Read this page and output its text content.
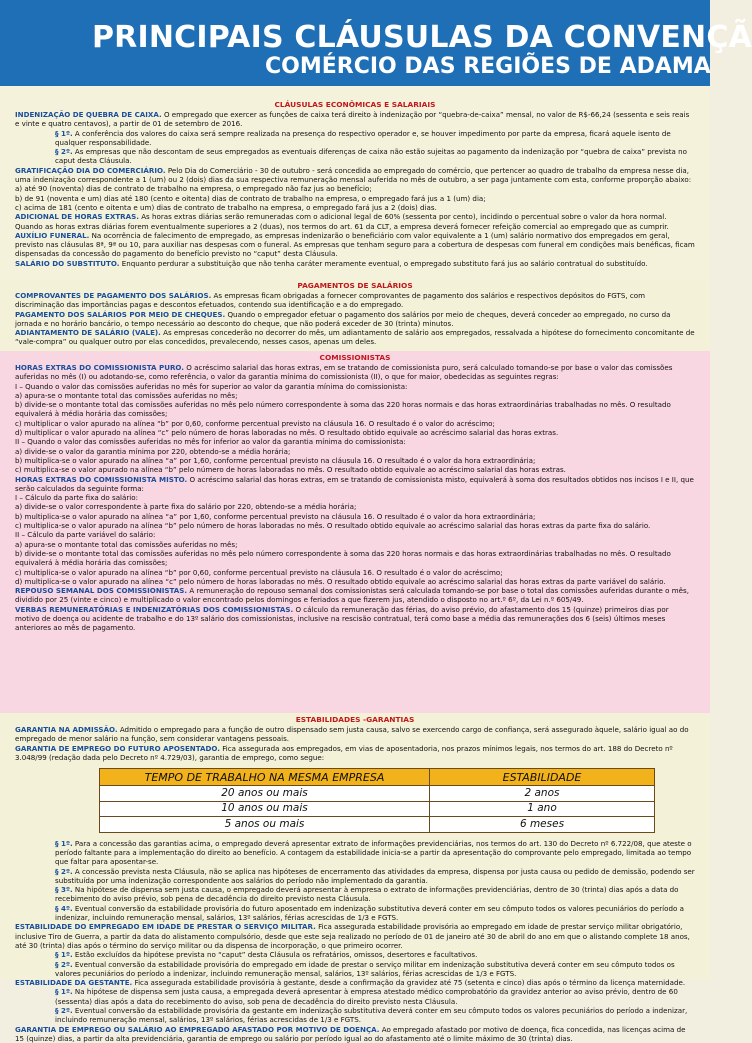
PRINCIPAIS CLÁUSULAS DA CONVENÇÃ
COMÉRCIO DAS REGIÕES DE ADAMA
CLÁUSULAS ECONÔMICAS E SALARIAIS

INDENIZAÇÃO DE QUEBRA DE CAIXA. O empregado que exercer as funções de caixa terá direito à indenização por “quebra-de-caixa” mensal, no valor de R$-66,24 (sessenta e seis reais e vinte e quatro centavos), a partir de 01 de setembro de 2016.

§ 1º. A conferência dos valores do caixa será sempre realizada na presença do respectivo operador e, se houver impedimento por parte da empresa, ficará aquele isento de qualquer responsabilidade.

§ 2º. As empresas que não descontam de seus empregados as eventuais diferenças de caixa não estão sujeitas ao pagamento da indenização por “quebra de caixa” prevista no caput desta Cláusula.

GRATIFICAÇÃO DIA DO COMERCIÁRIO. Pelo Dia do Comerciário - 30 de outubro - será concedida ao empregado do comércio, que pertencer ao quadro de trabalho da empresa nesse dia, uma indenização correspondente a 1 (um) ou 2 (dois) dias da sua respectiva remuneração mensal auferida no mês de outubro, a ser paga juntamente com esta, conforme proporção abaixo:

a) até 90 (noventa) dias de contrato de trabalho na empresa, o empregado não faz jus ao benefício;

b) de 91 (noventa e um) dias até 180 (cento e oitenta) dias de contrato de trabalho na empresa, o empregado fará jus a 1 (um) dia;

c) acima de 181 (cento e oitenta e um) dias de contrato de trabalho na empresa, o empregado fará jus a 2 (dois) dias.

ADICIONAL DE HORAS EXTRAS. As horas extras diárias serão remuneradas com o adicional legal de 60% (sessenta por cento), incidindo o percentual sobre o valor da hora normal. Quando as horas extras diárias forem eventualmente superiores a 2 (duas), nos termos do art. 61 da CLT, a empresa deverá fornecer refeição comercial ao empregado que as cumprir.

AUXÍLIO FUNERAL. Na ocorrência de falecimento de empregado, as empresas indenizarão o beneficiário com valor equivalente a 1 (um) salário normativo dos empregados em geral, previsto nas cláusulas 8ª, 9ª ou 10, para auxiliar nas despesas com o funeral. As empresas que tenham seguro para a cobertura de despesas com funeral em condições mais benéficas, ficam dispensadas da concessão do pagamento do benefício previsto no “caput” desta Cláusula.

SALÁRIO DO SUBSTITUTO. Enquanto perdurar a substituição que não tenha caráter meramente eventual, o empregado substituto fará jus ao salário contratual do substituído.

PAGAMENTOS DE SALÁRIOS

COMPROVANTES DE PAGAMENTO DOS SALÁRIOS. As empresas ficam obrigadas a fornecer comprovantes de pagamento dos salários e respectivos depósitos do FGTS, com discriminação das importâncias pagas e descontos efetuados, contendo sua identificação e a do empregado.

PAGAMENTO DOS SALÁRIOS POR MEIO DE CHEQUES. Quando o empregador efetuar o pagamento dos salários por meio de cheques, deverá conceder ao empregado, no curso da jornada e no horário bancário, o tempo necessário ao desconto do cheque, que não poderá exceder de 30 (trinta) minutos.

ADIANTAMENTO DE SALÁRIO (VALE). As empresas concederão no decorrer do mês, um adiantamento de salário aos empregados, ressalvada a hipótese do fornecimento concomitante de “vale-compra” ou qualquer outro por elas concedidos, prevalecendo, nesses casos, apenas um deles.

COMISSIONISTAS

HORAS EXTRAS DO COMISSIONISTA PURO. O acréscimo salarial das horas extras, em se tratando de comissionista puro, será calculado tomando-se por base o valor das comissões auferidas no mês (I) ou adotando-se, como referência, o valor da garantia mínima do comissionista (II), o que for maior, obedecidas as seguintes regras:

I – Quando o valor das comissões auferidas no mês for superior ao valor da garantia mínima do comissionista:

a) apura-se o montante total das comissões auferidas no mês;

b) divide-se o montante total das comissões auferidas no mês pelo número correspondente à soma das 220 horas normais e das horas extraordinárias trabalhadas no mês. O resultado equivalerá à média horária das comissões;

c) multiplicar o valor apurado na alínea “b” por 0,60, conforme percentual previsto na cláusula 16. O resultado é o valor do acréscimo;

d) multiplicar o valor apurado na alínea “c” pelo número de horas laboradas no mês. O resultado obtido equivale ao acréscimo salarial das horas extras.

II – Quando o valor das comissões auferidas no mês for inferior ao valor da garantia mínima do comissionista:

a) divide-se o valor da garantia mínima por 220, obtendo-se a média horária;

b) multiplica-se o valor apurado na alínea “a” por 1,60, conforme percentual previsto na cláusula 16. O resultado é o valor da hora extraordinária;

c) multiplica-se o valor apurado na alínea “b” pelo número de horas laboradas no mês. O resultado obtido equivale ao acréscimo salarial das horas extras.

HORAS EXTRAS DO COMISSIONISTA MISTO. O acréscimo salarial das horas extras, em se tratando de comissionista misto, equivalerá à soma dos resultados obtidos nos incisos I e II, que serão calculados da seguinte forma:

I – Cálculo da parte fixa do salário:

a) divide-se o valor correspondente à parte fixa do salário por 220, obtendo-se a média horária;

b) multiplica-se o valor apurado na alínea “a” por 1,60, conforme percentual previsto na cláusula 16. O resultado é o valor da hora extraordinária;

c) multiplica-se o valor apurado na alínea “b” pelo número de horas laboradas no mês. O resultado obtido equivale ao acréscimo salarial das horas extras da parte fixa do salário.

II – Cálculo da parte variável do salário:

a) apura-se o montante total das comissões auferidas no mês;

b) divide-se o montante total das comissões auferidas no mês pelo número correspondente à soma das 220 horas normais e das horas extraordinárias trabalhadas no mês. O resultado equivalerá à média horária das comissões;

c) multiplica-se o valor apurado na alínea “b” por 0,60, conforme percentual previsto na cláusula 16. O resultado é o valor do acréscimo;

d) multiplica-se o valor apurado na alínea “c” pelo número de horas laboradas no mês. O resultado obtido equivale ao acréscimo salarial das horas extras da parte variável do salário.

REPOUSO SEMANAL DOS COMISSIONISTAS. A remuneração do repouso semanal dos comissionistas será calculada tomando-se por base o total das comissões auferidas durante o mês, dividido por 25 (vinte e cinco) e multiplicado o valor encontrado pelos domingos e feriados a que fizerem jus, atendido o disposto no art.º 6º, da Lei n.º 605/49.

VERBAS REMUNERATÓRIAS E INDENIZATÓRIAS DOS COMISSIONISTAS. O cálculo da remuneração das férias, do aviso prévio, do afastamento dos 15 (quinze) primeiros dias por motivo de doença ou acidente de trabalho e do 13º salário dos comissionistas, inclusive na rescisão contratual, terá como base a média das remunerações dos 6 (seis) últimos meses anteriores ao mês de pagamento.

ESTABILIDADES -GARANTIAS

GARANTIA NA ADMISSÃO. Admitido o empregado para a função de outro dispensado sem justa causa, salvo se exercendo cargo de confiança, será assegurado àquele, salário igual ao do empregado de menor salário na função, sem considerar vantagens pessoais.

GARANTIA DE EMPREGO DO FUTURO APOSENTADO. Fica assegurada aos empregados, em vias de aposentadoria, nos prazos mínimos legais, nos termos do art. 188 do Decreto nº 3.048/99 (redação dada pelo Decreto nº 4.729/03), garantia de emprego, como segue:

TEMPO DE TRABALHO NA MESMA EMPRESA	ESTABILIDADE
20 anos ou mais	2 anos
10 anos ou mais	1 ano
5 anos ou mais	6 meses

§ 1º. Para a concessão das garantias acima, o empregado deverá apresentar extrato de informações previdenciárias, nos termos do art. 130 do Decreto nº 6.722/08, que ateste o período faltante para a implementação do direito ao benefício. A contagem da estabilidade inicia-se a partir da apresentação do comprovante pelo empregado, limitada ao tempo que faltar para aposentar-se.

§ 2º. A concessão prevista nesta Cláusula, não se aplica nas hipóteses de encerramento das atividades da empresa, dispensa por justa causa ou pedido de demissão, podendo ser substituída por uma indenização correspondente aos salários do período não implementado da garantia.

§ 3º. Na hipótese de dispensa sem justa causa, o empregado deverá apresentar à empresa o extrato de informações previdenciárias, dentro de 30 (trinta) dias após a data do recebimento do aviso prévio, sob pena de decadência do direito previsto nesta Cláusula.

§ 4º. Eventual conversão da estabilidade provisória do futuro aposentado em indenização substitutiva deverá conter em seu cômputo todos os valores pecuniários do período a indenizar, incluindo remuneração mensal, salários, 13º salários, férias acrescidas de 1/3 e FGTS.

ESTABILIDADE DO EMPREGADO EM IDADE DE PRESTAR O SERVIÇO MILITAR. Fica assegurada estabilidade provisória ao empregado em idade de prestar serviço militar obrigatório, inclusive Tiro de Guerra, a partir da data do alistamento compulsório, desde que este seja realizado no período de 01 de janeiro até 30 de abril do ano em que o alistando complete 18 anos, até 30 (trinta) dias após o término do serviço militar ou da dispensa de incorporação, o que primeiro ocorrer.

§ 1º. Estão excluídos da hipótese prevista no “caput” desta Cláusula os refratários, omissos, desertores e facultativos.

§ 2º. Eventual conversão da estabilidade provisória do empregado em idade de prestar o serviço militar em indenização substitutiva deverá conter em seu cômputo todos os valores pecuniários do período a indenizar, incluindo remuneração mensal, salários, 13º salários, férias acrescidas de 1/3 e FGTS.

ESTABILIDADE DA GESTANTE. Fica assegurada estabilidade provisória à gestante, desde a confirmação da gravidez até 75 (setenta e cinco) dias após o término da licença maternidade.

§ 1º. Na hipótese de dispensa sem justa causa, a empregada deverá apresentar à empresa atestado médico comprobatório da gravidez anterior ao aviso prévio, dentro de 60 (sessenta) dias após a data do recebimento do aviso, sob pena de decadência do direito previsto nesta Cláusula.

§ 2º. Eventual conversão da estabilidade provisória da gestante em indenização substitutiva deverá conter em seu cômputo todos os valores pecuniários do período a indenizar, incluindo remuneração mensal, salários, 13º salários, férias acrescidas de 1/3 e FGTS.

GARANTIA DE EMPREGO OU SALÁRIO AO EMPREGADO AFASTADO POR MOTIVO DE DOENÇA. Ao empregado afastado por motivo de doença, fica concedida, nas licenças acima de 15 (quinze) dias, a partir da alta previdenciária, garantia de emprego ou salário por período igual ao do afastamento até o limite máximo de 30 (trinta) dias.
